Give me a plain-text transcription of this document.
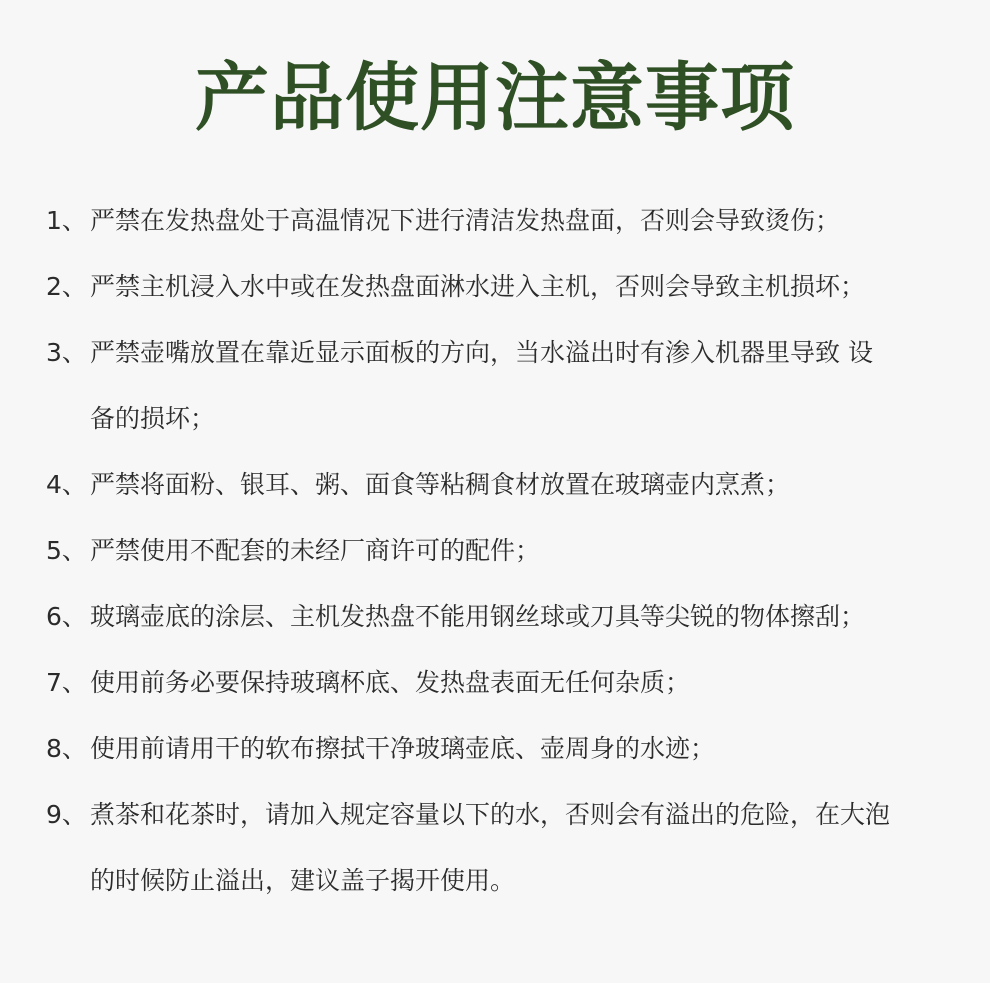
产品使用注意事项
1、 严禁在发热盘处于高温情况下进行清洁发热盘面，否则会导致烫伤；
2、 严禁主机浸入水中或在发热盘面淋水进入主机，否则会导致主机损坏；
3、 严禁壶嘴放置在靠近显示面板的方向，当水溢出时有渗入机器里导致 设
备的损坏；
4、 严禁将面粉、银耳、粥、面食等粘稠食材放置在玻璃壶内烹煮；
5、 严禁使用不配套的未经厂商许可的配件；
6、 玻璃壶底的涂层、主机发热盘不能用钢丝球或刀具等尖锐的物体擦刮；
7、 使用前务必要保持玻璃杯底、发热盘表面无任何杂质；
8、 使用前请用干的软布擦拭干净玻璃壶底、壶周身的水迹；
9、 煮茶和花茶时，请加入规定容量以下的水，否则会有溢出的危险，在大泡
的时候防止溢出，建议盖子揭开使用。
